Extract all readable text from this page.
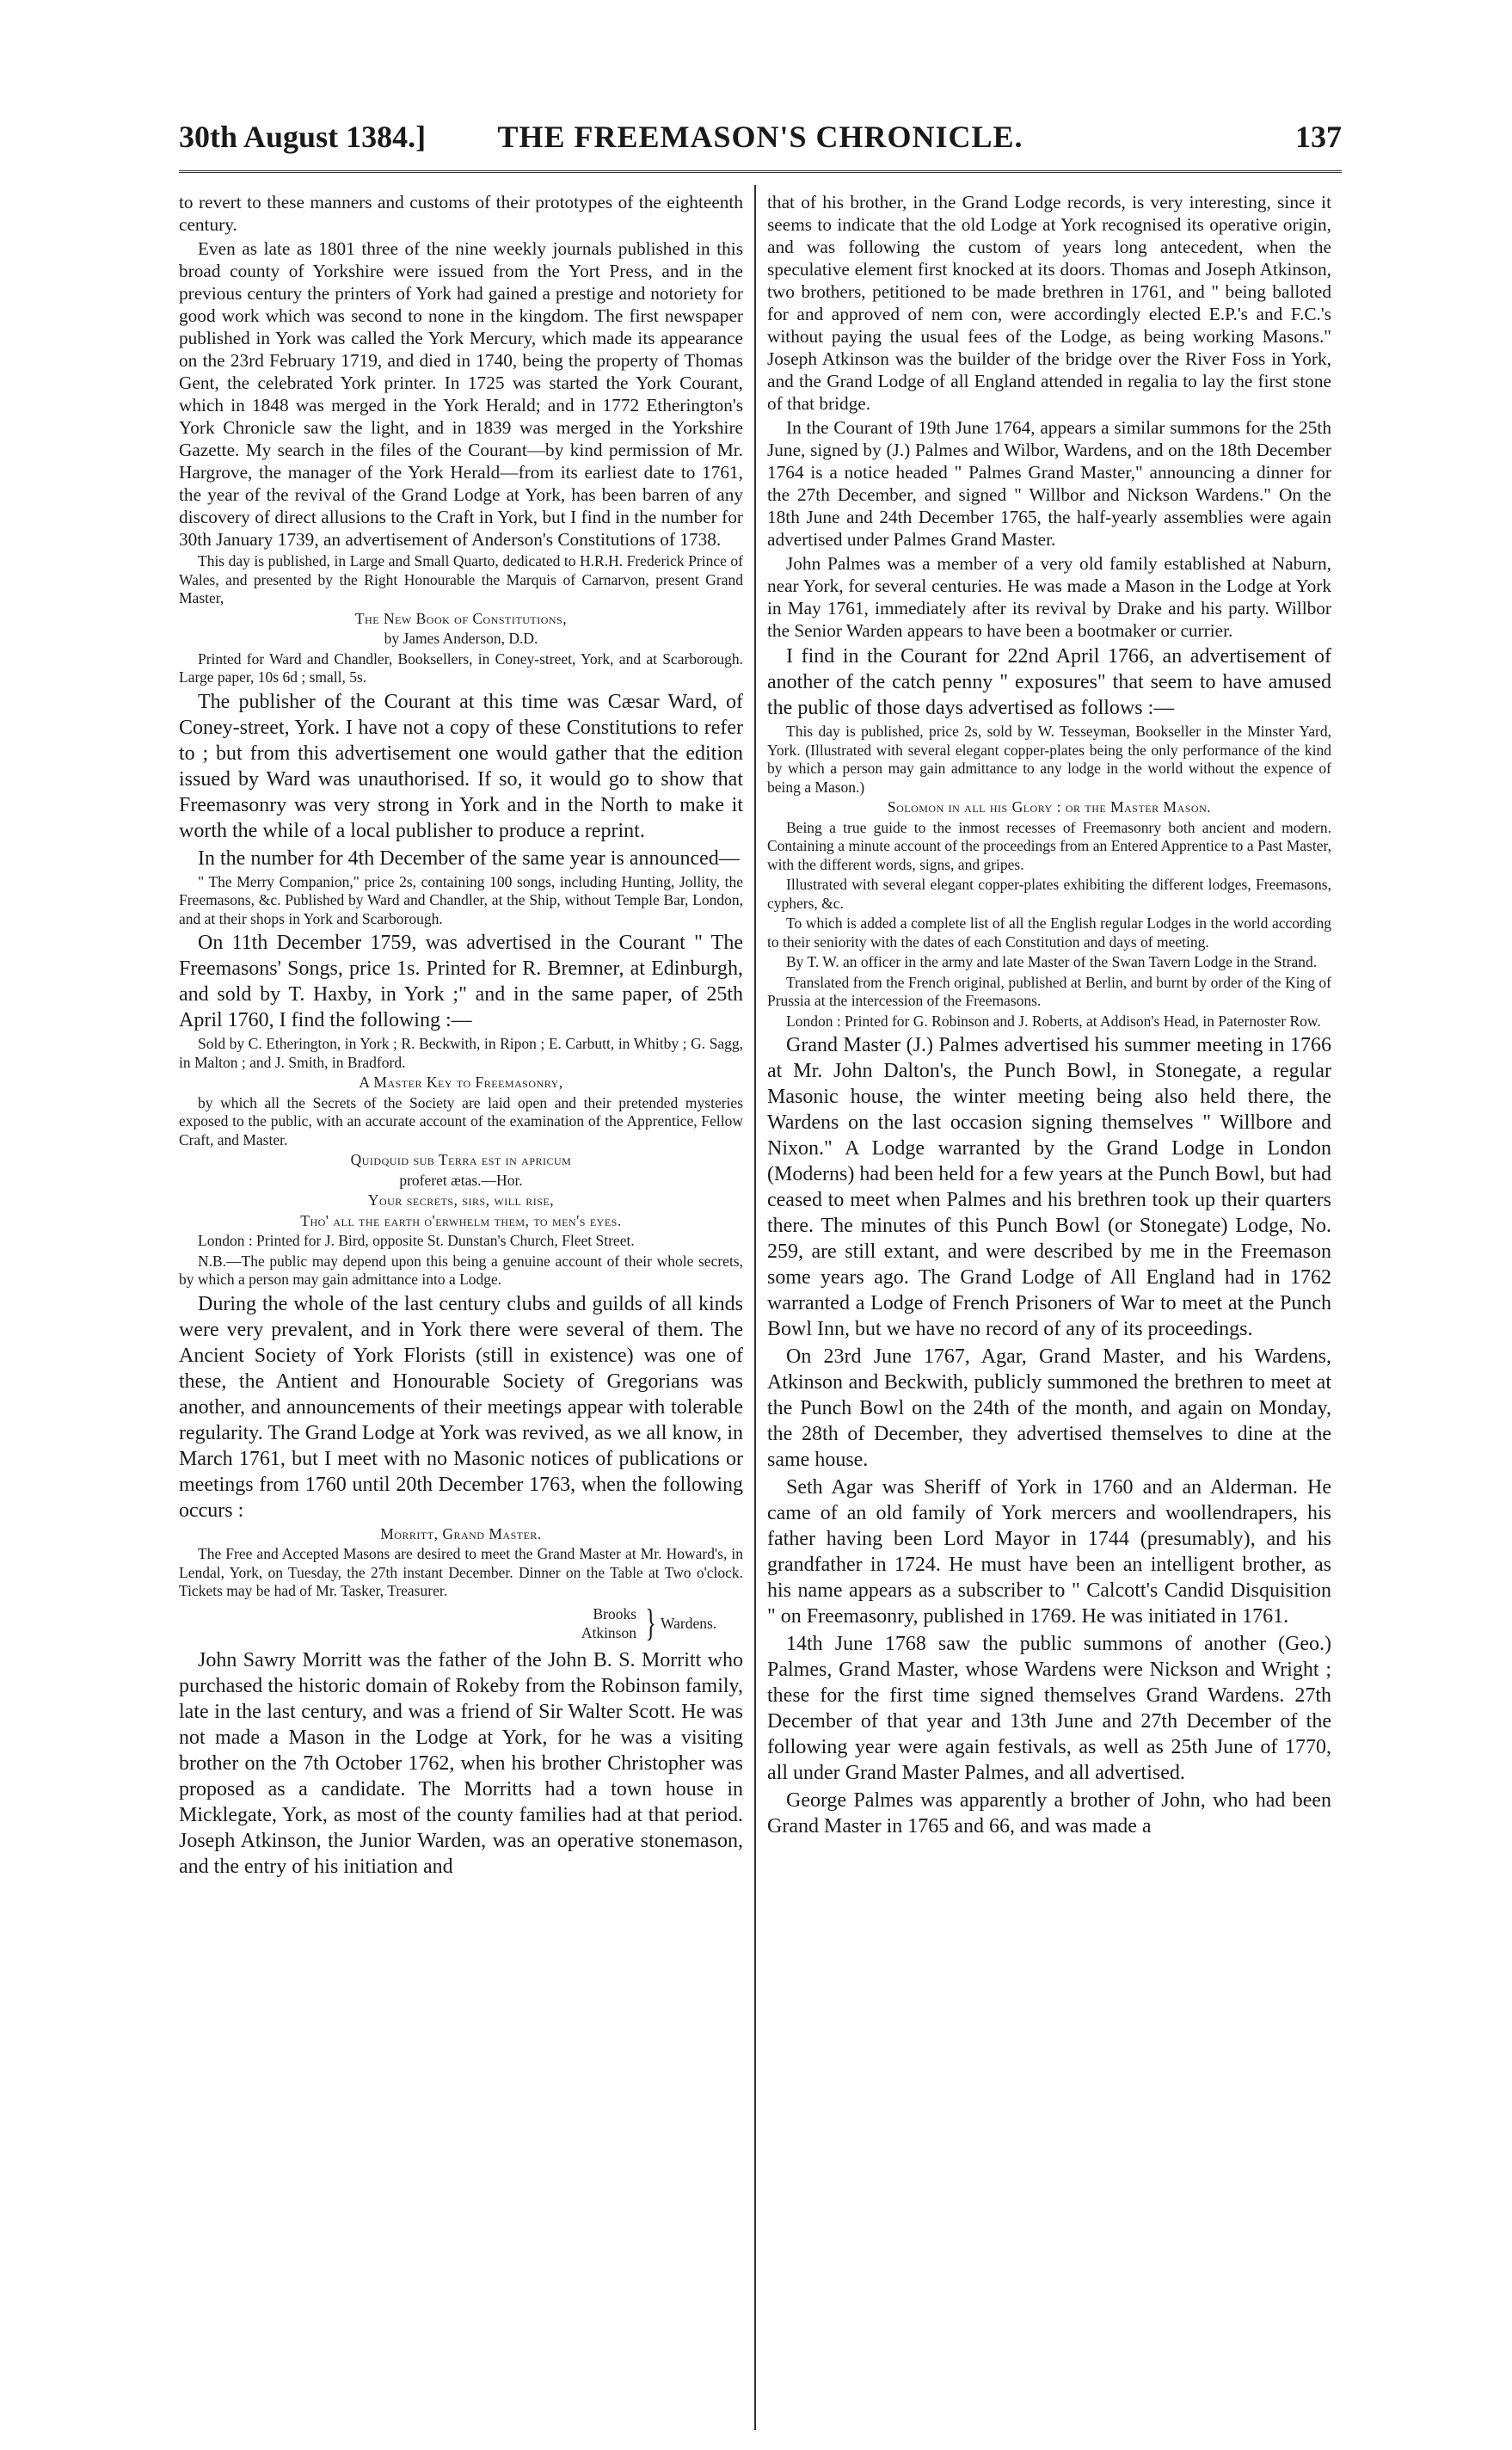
30th August 1384.]	THE FREEMASON'S CHRONICLE.	137

to revert to these manners and customs of their prototypes of the eighteenth century.

Even as late as 1801 three of the nine weekly journals published in this broad county of Yorkshire were issued from the Yort Press, and in the previous century the printers of York had gained a prestige and notoriety for good work which was second to none in the kingdom. The first newspaper published in York was called the York Mercury, which made its appearance on the 23rd February 1719, and died in 1740, being the property of Thomas Gent, the celebrated York printer. In 1725 was started the York Courant, which in 1848 was merged in the York Herald; and in 1772 Etherington's York Chronicle saw the light, and in 1839 was merged in the Yorkshire Gazette. My search in the files of the Courant—by kind permission of Mr. Hargrove, the manager of the York Herald—from its earliest date to 1761, the year of the revival of the Grand Lodge at York, has been barren of any discovery of direct allusions to the Craft in York, but I find in the number for 30th January 1739, an advertisement of Anderson's Constitutions of 1738.

This day is published, in Large and Small Quarto, dedicated to H.R.H. Frederick Prince of Wales, and presented by the Right Honourable the Marquis of Carnarvon, present Grand Master,

The New Book of Constitutions,

by James Anderson, D.D.

Printed for Ward and Chandler, Booksellers, in Coney-street, York, and at Scarborough. Large paper, 10s 6d ; small, 5s.

The publisher of the Courant at this time was Cæsar Ward, of Coney-street, York. I have not a copy of these Constitutions to refer to ; but from this advertisement one would gather that the edition issued by Ward was unauthorised. If so, it would go to show that Freemasonry was very strong in York and in the North to make it worth the while of a local publisher to produce a reprint.

In the number for 4th December of the same year is announced—

" The Merry Companion," price 2s, containing 100 songs, including Hunting, Jollity, the Freemasons, &c. Published by Ward and Chandler, at the Ship, without Temple Bar, London, and at their shops in York and Scarborough.

On 11th December 1759, was advertised in the Courant " The Freemasons' Songs, price 1s. Printed for R. Bremner, at Edinburgh, and sold by T. Haxby, in York ;" and in the same paper, of 25th April 1760, I find the following :—

Sold by C. Etherington, in York ; R. Beckwith, in Ripon ; E. Carbutt, in Whitby ; G. Sagg, in Malton ; and J. Smith, in Bradford.

A Master Key to Freemasonry,

by which all the Secrets of the Society are laid open and their pretended mysteries exposed to the public, with an accurate account of the examination of the Apprentice, Fellow Craft, and Master.

Quidquid sub Terra est in apricum

proferet ætas.—Hor.

Your secrets, sirs, will rise,

Tho' all the earth o'erwhelm them, to men's eyes.

London : Printed for J. Bird, opposite St. Dunstan's Church, Fleet Street.

N.B.—The public may depend upon this being a genuine account of their whole secrets, by which a person may gain admittance into a Lodge.

During the whole of the last century clubs and guilds of all kinds were very prevalent, and in York there were several of them. The Ancient Society of York Florists (still in existence) was one of these, the Antient and Honourable Society of Gregorians was another, and announcements of their meetings appear with tolerable regularity. The Grand Lodge at York was revived, as we all know, in March 1761, but I meet with no Masonic notices of publications or meetings from 1760 until 20th December 1763, when the following occurs :

Morritt, Grand Master.

The Free and Accepted Masons are desired to meet the Grand Master at Mr. Howard's, in Lendal, York, on Tuesday, the 27th instant December. Dinner on the Table at Two o'clock. Tickets may be had of Mr. Tasker, Treasurer.

Brooks
Atkinson } Wardens.

John Sawry Morritt was the father of the John B. S. Morritt who purchased the historic domain of Rokeby from the Robinson family, late in the last century, and was a friend of Sir Walter Scott. He was not made a Mason in the Lodge at York, for he was a visiting brother on the 7th October 1762, when his brother Christopher was proposed as a candidate. The Morritts had a town house in Micklegate, York, as most of the county families had at that period. Joseph Atkinson, the Junior Warden, was an operative stonemason, and the entry of his initiation and

that of his brother, in the Grand Lodge records, is very interesting, since it seems to indicate that the old Lodge at York recognised its operative origin, and was following the custom of years long antecedent, when the speculative element first knocked at its doors. Thomas and Joseph Atkinson, two brothers, petitioned to be made brethren in 1761, and " being balloted for and approved of nem con, were accordingly elected E.P.'s and F.C.'s without paying the usual fees of the Lodge, as being working Masons." Joseph Atkinson was the builder of the bridge over the River Foss in York, and the Grand Lodge of all England attended in regalia to lay the first stone of that bridge.

In the Courant of 19th June 1764, appears a similar summons for the 25th June, signed by (J.) Palmes and Wilbor, Wardens, and on the 18th December 1764 is a notice headed " Palmes Grand Master," announcing a dinner for the 27th December, and signed " Willbor and Nickson Wardens." On the 18th June and 24th December 1765, the half-yearly assemblies were again advertised under Palmes Grand Master.

John Palmes was a member of a very old family established at Naburn, near York, for several centuries. He was made a Mason in the Lodge at York in May 1761, immediately after its revival by Drake and his party. Willbor the Senior Warden appears to have been a bootmaker or currier.

I find in the Courant for 22nd April 1766, an advertisement of another of the catch penny " exposures" that seem to have amused the public of those days advertised as follows :—

This day is published, price 2s, sold by W. Tesseyman, Bookseller in the Minster Yard, York. (Illustrated with several elegant copper-plates being the only performance of the kind by which a person may gain admittance to any lodge in the world without the expence of being a Mason.)

Solomon in all his Glory : or the Master Mason.

Being a true guide to the inmost recesses of Freemasonry both ancient and modern. Containing a minute account of the proceedings from an Entered Apprentice to a Past Master, with the different words, signs, and gripes.

Illustrated with several elegant copper-plates exhibiting the different lodges, Freemasons, cyphers, &c.

To which is added a complete list of all the English regular Lodges in the world according to their seniority with the dates of each Constitution and days of meeting.

By T. W. an officer in the army and late Master of the Swan Tavern Lodge in the Strand.

Translated from the French original, published at Berlin, and burnt by order of the King of Prussia at the intercession of the Freemasons.

London : Printed for G. Robinson and J. Roberts, at Addison's Head, in Paternoster Row.

Grand Master (J.) Palmes advertised his summer meeting in 1766 at Mr. John Dalton's, the Punch Bowl, in Stonegate, a regular Masonic house, the winter meeting being also held there, the Wardens on the last occasion signing themselves " Willbore and Nixon." A Lodge warranted by the Grand Lodge in London (Moderns) had been held for a few years at the Punch Bowl, but had ceased to meet when Palmes and his brethren took up their quarters there. The minutes of this Punch Bowl (or Stonegate) Lodge, No. 259, are still extant, and were described by me in the Freemason some years ago. The Grand Lodge of All England had in 1762 warranted a Lodge of French Prisoners of War to meet at the Punch Bowl Inn, but we have no record of any of its proceedings.

On 23rd June 1767, Agar, Grand Master, and his Wardens, Atkinson and Beckwith, publicly summoned the brethren to meet at the Punch Bowl on the 24th of the month, and again on Monday, the 28th of December, they advertised themselves to dine at the same house.

Seth Agar was Sheriff of York in 1760 and an Alderman. He came of an old family of York mercers and woollendrapers, his father having been Lord Mayor in 1744 (presumably), and his grandfather in 1724. He must have been an intelligent brother, as his name appears as a subscriber to " Calcott's Candid Disquisition " on Freemasonry, published in 1769. He was initiated in 1761.

14th June 1768 saw the public summons of another (Geo.) Palmes, Grand Master, whose Wardens were Nickson and Wright ; these for the first time signed themselves Grand Wardens. 27th December of that year and 13th June and 27th December of the following year were again festivals, as well as 25th June of 1770, all under Grand Master Palmes, and all advertised.

George Palmes was apparently a brother of John, who had been Grand Master in 1765 and 66, and was made a
